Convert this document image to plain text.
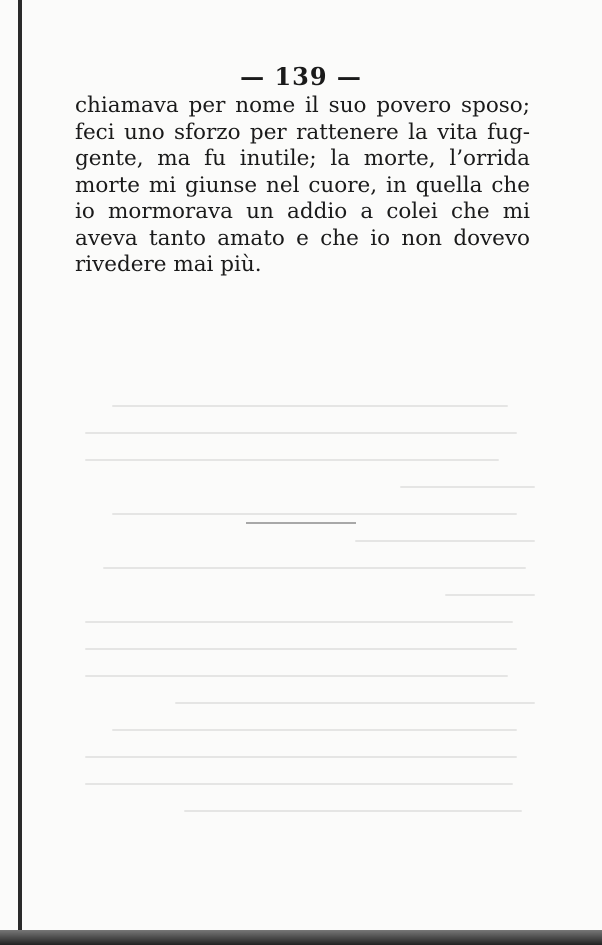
— 139 —
chiamava per nome il suo povero sposo;
feci uno sforzo per rattenere la vita fug-
gente, ma fu inutile; la morte, l’orrida
morte mi giunse nel cuore, in quella che
io mormorava un addio a colei che mi
aveva tanto amato e che io non dovevo
rivedere mai più.
